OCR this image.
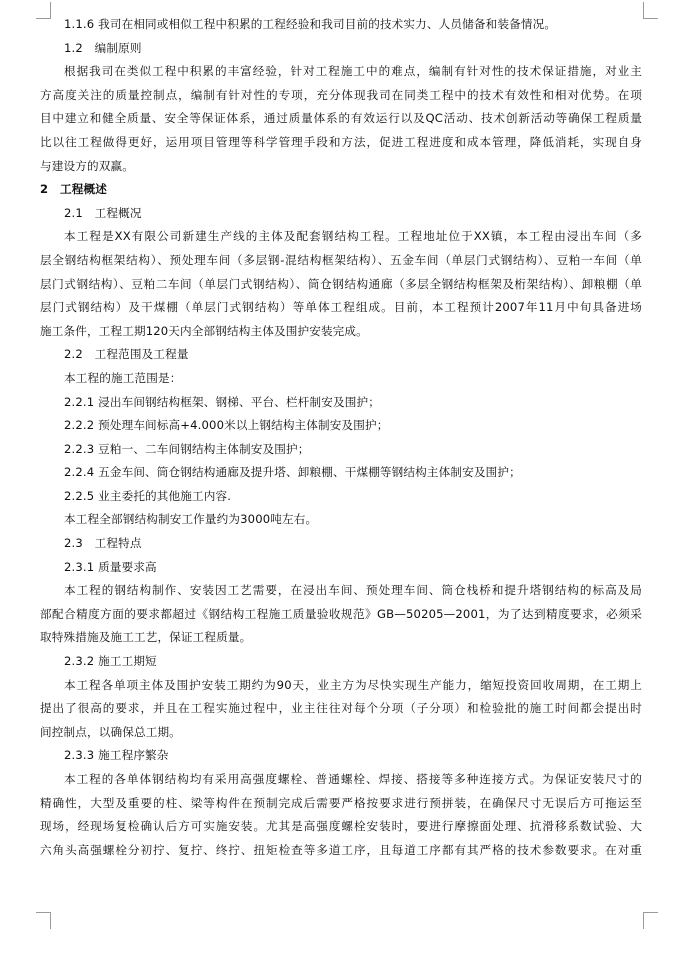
1.1.6 我司在相同或相似工程中积累的工程经验和我司目前的技术实力、人员储备和装备情况。
1.2　编制原则
根据我司在类似工程中积累的丰富经验，针对工程施工中的难点，编制有针对性的技术保证措施，对业主
方高度关注的质量控制点，编制有针对性的专项，充分体现我司在同类工程中的技术有效性和相对优势。在项
目中建立和健全质量、安全等保证体系，通过质量体系的有效运行以及QC活动、技术创新活动等确保工程质量
比以往工程做得更好，运用项目管理等科学管理手段和方法，促进工程进度和成本管理，降低消耗，实现自身
与建设方的双赢。
2　工程概述
2.1　工程概况
本工程是XX有限公司新建生产线的主体及配套钢结构工程。工程地址位于XX镇，本工程由浸出车间（多
层全钢结构框架结构）、预处理车间（多层钢-混结构框架结构）、五金车间（单层门式钢结构）、豆粕一车间（单
层门式钢结构）、豆粕二车间（单层门式钢结构）、筒仓钢结构通廊（多层全钢结构框架及桁架结构）、卸粮棚（单
层门式钢结构）及干煤棚（单层门式钢结构）等单体工程组成。目前，本工程预计2007年11月中旬具备进场
施工条件，工程工期120天内全部钢结构主体及围护安装完成。
2.2　工程范围及工程量
本工程的施工范围是：
2.2.1 浸出车间钢结构框架、钢梯、平台、栏杆制安及围护；
2.2.2 预处理车间标高+4.000米以上钢结构主体制安及围护；
2.2.3 豆粕一、二车间钢结构主体制安及围护；
2.2.4 五金车间、筒仓钢结构通廊及提升塔、卸粮棚、干煤棚等钢结构主体制安及围护；
2.2.5 业主委托的其他施工内容.
本工程全部钢结构制安工作量约为3000吨左右。
2.3　工程特点
2.3.1 质量要求高
本工程的钢结构制作、安装因工艺需要，在浸出车间、预处理车间、筒仓栈桥和提升塔钢结构的标高及局
部配合精度方面的要求都超过《钢结构工程施工质量验收规范》GB—50205—2001，为了达到精度要求，必须采
取特殊措施及施工工艺，保证工程质量。
2.3.2 施工工期短
本工程各单项主体及围护安装工期约为90天，业主方为尽快实现生产能力，缩短投资回收周期，在工期上
提出了很高的要求，并且在工程实施过程中，业主往往对每个分项（子分项）和检验批的施工时间都会提出时
间控制点，以确保总工期。
2.3.3 施工程序繁杂
本工程的各单体钢结构均有采用高强度螺栓、普通螺栓、焊接、搭接等多种连接方式。为保证安装尺寸的
精确性，大型及重要的柱、梁等构件在预制完成后需要严格按要求进行预拼装，在确保尺寸无误后方可拖运至
现场，经现场复检确认后方可实施安装。尤其是高强度螺栓安装时，要进行摩擦面处理、抗滑移系数试验、大
六角头高强螺栓分初拧、复拧、终拧、扭矩检查等多道工序，且每道工序都有其严格的技术参数要求。在对重
